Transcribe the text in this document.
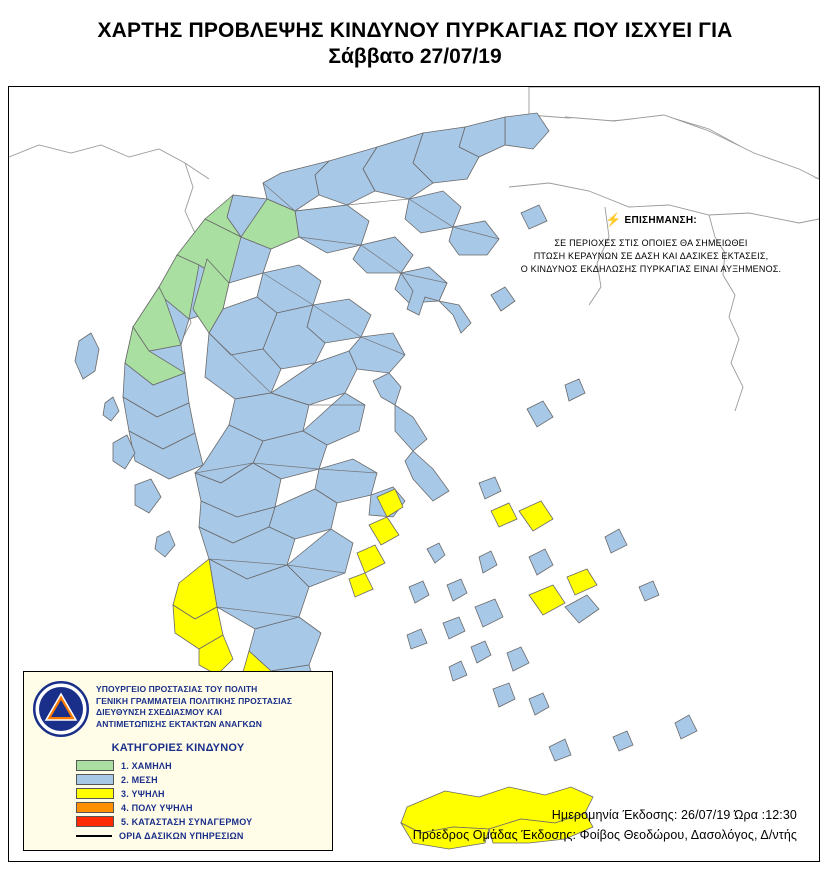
ΧΑΡΤΗΣ ΠΡΟΒΛΕΨΗΣ ΚΙΝΔΥΝΟΥ ΠΥΡΚΑΓΙΑΣ ΠΟΥ ΙΣΧΥΕΙ ΓΙΑ
Σάββατο 27/07/19
⚡ ΕΠΙΣΗΜΑΝΣΗ:
ΣΕ ΠΕΡΙΟΧΕΣ ΣΤΙΣ ΟΠΟΙΕΣ ΘΑ ΣΗΜΕΙΩΘΕΙ
ΠΤΩΣΗ ΚΕΡΑΥΝΩΝ ΣΕ ΔΑΣΗ ΚΑΙ ΔΑΣΙΚΕΣ ΕΚΤΑΣΕΙΣ,
Ο ΚΙΝΔΥΝΟΣ ΕΚΔΗΛΩΣΗΣ ΠΥΡΚΑΓΙΑΣ ΕΙΝΑΙ ΑΥΞΗΜΕΝΟΣ.
ΥΠΟΥΡΓΕΙΟ ΠΡΟΣΤΑΣΙΑΣ ΤΟΥ ΠΟΛΙΤΗ
ΓΕΝΙΚΗ ΓΡΑΜΜΑΤΕΙΑ ΠΟΛΙΤΙΚΗΣ ΠΡΟΣΤΑΣΙΑΣ
ΔΙΕΥΘΥΝΣΗ ΣΧΕΔΙΑΣΜΟΥ ΚΑΙ
ΑΝΤΙΜΕΤΩΠΙΣΗΣ ΕΚΤΑΚΤΩΝ ΑΝΑΓΚΩΝ
ΚΑΤΗΓΟΡΙΕΣ ΚΙΝΔΥΝΟΥ
1. ΧΑΜΗΛΗ
2. ΜΕΣΗ
3. ΥΨΗΛΗ
4. ΠΟΛΥ ΥΨΗΛΗ
5. ΚΑΤΑΣΤΑΣΗ ΣΥΝΑΓΕΡΜΟΥ
ΟΡΙΑ ΔΑΣΙΚΩΝ ΥΠΗΡΕΣΙΩΝ
Ημερομηνία Έκδοσης: 26/07/19 Ώρα :12:30
Πρόεδρος Ομάδας Έκδοσης: Φοίβος Θεοδώρου, Δασολόγος, Δ/ντής
